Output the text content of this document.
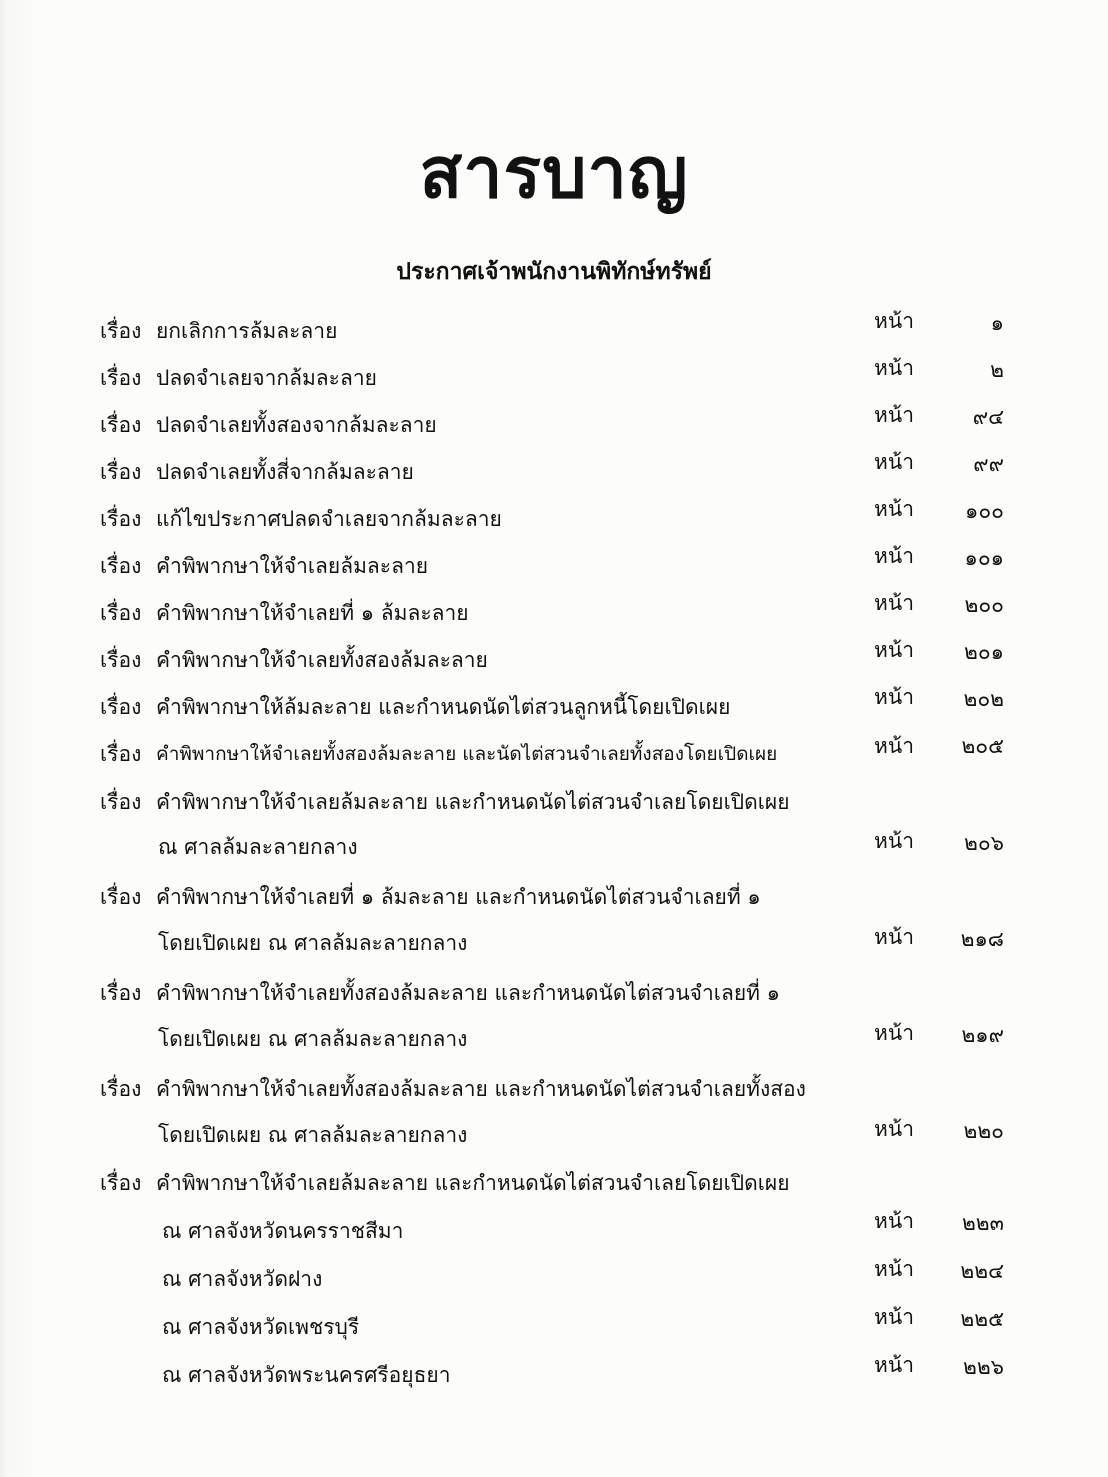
สารบาญ
ประกาศเจ้าพนักงานพิทักษ์ทรัพย์
เรื่อง ยกเลิกการล้มละลาย	หน้า	๑
เรื่อง ปลดจำเลยจากล้มละลาย	หน้า	๒
เรื่อง ปลดจำเลยทั้งสองจากล้มละลาย	หน้า	๙๔
เรื่อง ปลดจำเลยทั้งสี่จากล้มละลาย	หน้า	๙๙
เรื่อง แก้ไขประกาศปลดจำเลยจากล้มละลาย	หน้า ๑๐๐
เรื่อง คำพิพากษาให้จำเลยล้มละลาย	หน้า ๑๐๑
เรื่อง คำพิพากษาให้จำเลยที่ ๑ ล้มละลาย	หน้า ๒๐๐
เรื่อง คำพิพากษาให้จำเลยทั้งสองล้มละลาย	หน้า ๒๐๑
เรื่อง คำพิพากษาให้ล้มละลาย และกำหนดนัดไต่สวนลูกหนี้โดยเปิดเผย	หน้า ๒๐๒
เรื่อง คำพิพากษาให้จำเลยทั้งสองล้มละลาย และนัดไต่สวนจำเลยทั้งสองโดยเปิดเผย	หน้า ๒๐๕
เรื่อง คำพิพากษาให้จำเลยล้มละลาย และกำหนดนัดไต่สวนจำเลยโดยเปิดเผย
ณ ศาลล้มละลายกลาง	หน้า ๒๐๖
เรื่อง คำพิพากษาให้จำเลยที่ ๑ ล้มละลาย และกำหนดนัดไต่สวนจำเลยที่ ๑
โดยเปิดเผย ณ ศาลล้มละลายกลาง	หน้า ๒๑๘
เรื่อง คำพิพากษาให้จำเลยทั้งสองล้มละลาย และกำหนดนัดไต่สวนจำเลยที่ ๑
โดยเปิดเผย ณ ศาลล้มละลายกลาง	หน้า ๒๑๙
เรื่อง คำพิพากษาให้จำเลยทั้งสองล้มละลาย และกำหนดนัดไต่สวนจำเลยทั้งสอง
โดยเปิดเผย ณ ศาลล้มละลายกลาง	หน้า ๒๒๐
เรื่อง คำพิพากษาให้จำเลยล้มละลาย และกำหนดนัดไต่สวนจำเลยโดยเปิดเผย
ณ ศาลจังหวัดนครราชสีมา	หน้า ๒๒๓
ณ ศาลจังหวัดฝาง	หน้า ๒๒๔
ณ ศาลจังหวัดเพชรบุรี	หน้า ๒๒๕
ณ ศาลจังหวัดพระนครศรีอยุธยา	หน้า ๒๒๖
